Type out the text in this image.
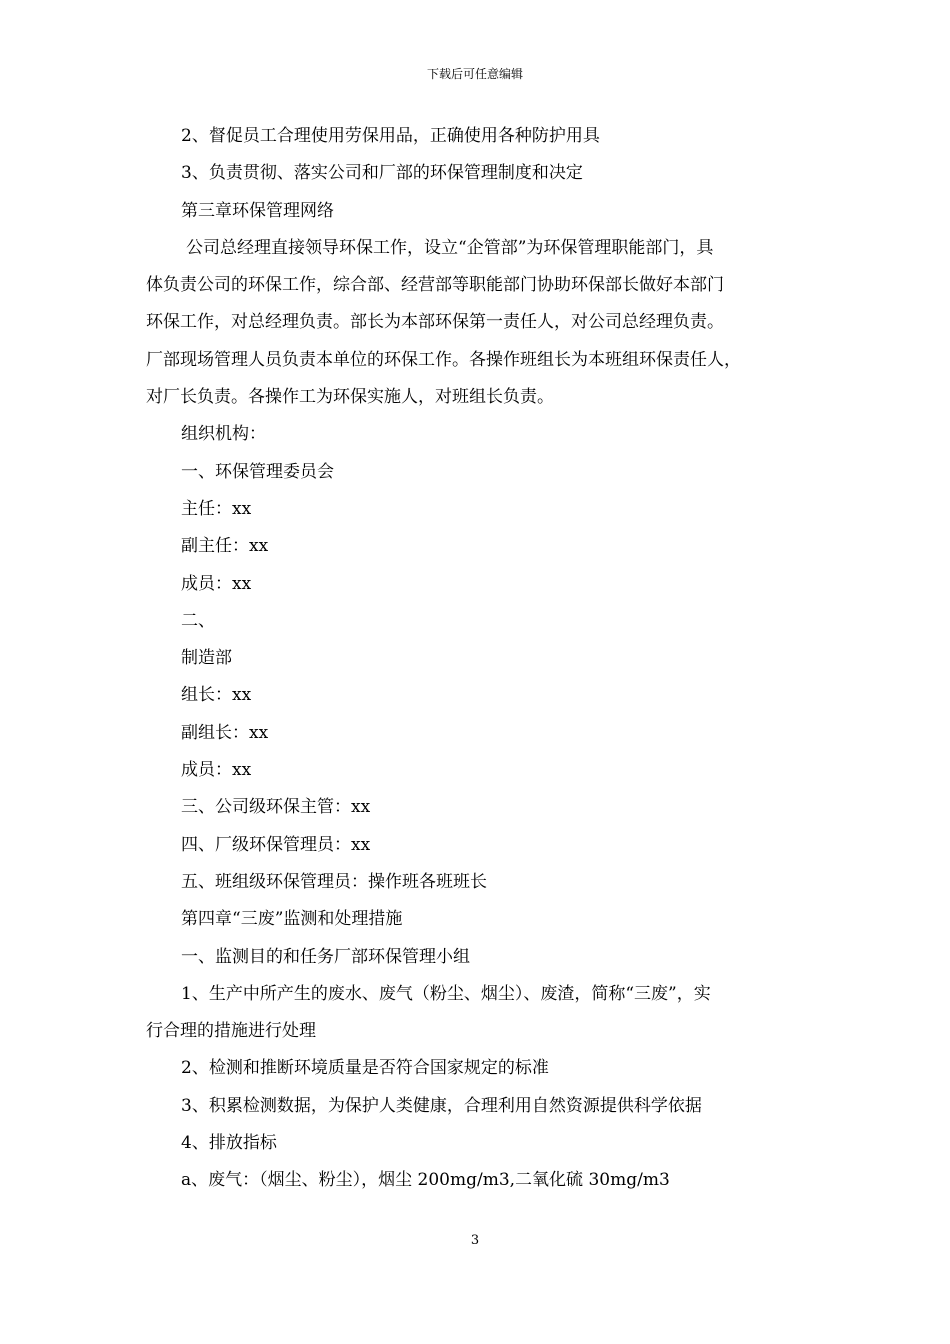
下载后可任意编辑
2、督促员工合理使用劳保用品，正确使用各种防护用具
3、负责贯彻、落实公司和厂部的环保管理制度和决定
第三章环保管理网络
公司总经理直接领导环保工作，设立“企管部”为环保管理职能部门，具
体负责公司的环保工作，综合部、经营部等职能部门协助环保部长做好本部门
环保工作，对总经理负责。部长为本部环保第一责任人，对公司总经理负责。
厂部现场管理人员负责本单位的环保工作。各操作班组长为本班组环保责任人，
对厂长负责。各操作工为环保实施人，对班组长负责。
组织机构：
一、环保管理委员会
主任：xx
副主任：xx
成员：xx
二、
制造部
组长：xx
副组长：xx
成员：xx
三、公司级环保主管：xx
四、厂级环保管理员：xx
五、班组级环保管理员：操作班各班班长
第四章“三废”监测和处理措施
一、监测目的和任务厂部环保管理小组
1、生产中所产生的废水、废气（粉尘、烟尘）、废渣，简称“三废”，实
行合理的措施进行处理
2、检测和推断环境质量是否符合国家规定的标准
3、积累检测数据，为保护人类健康，合理利用自然资源提供科学依据
4、排放指标
a、废气：（烟尘、粉尘），烟尘 200mg/m3,二氧化硫 30mg/m3
3
